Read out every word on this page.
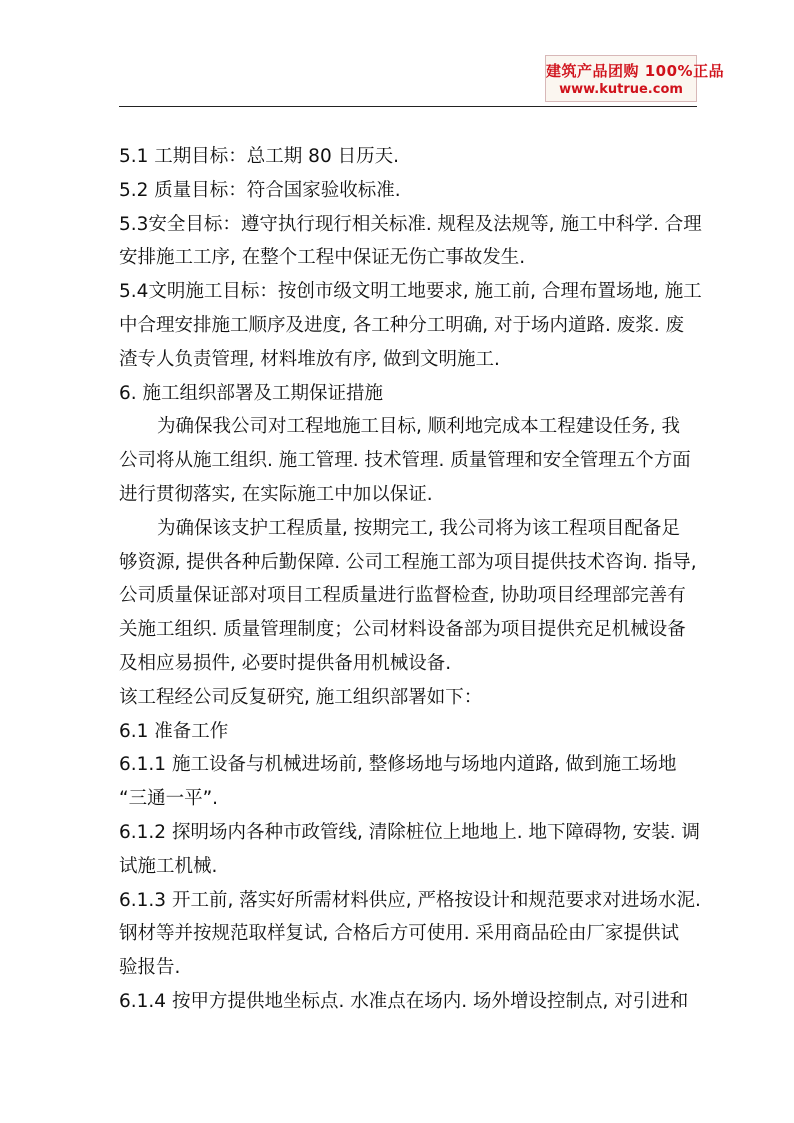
建筑产品团购 100%正品
www.kutrue.com
5.1 工期目标：总工期 80 日历天.
5.2 质量目标：符合国家验收标准.
5.3安全目标：遵守执行现行相关标准. 规程及法规等, 施工中科学. 合理
安排施工工序, 在整个工程中保证无伤亡事故发生.
5.4文明施工目标：按创市级文明工地要求, 施工前, 合理布置场地, 施工
中合理安排施工顺序及进度, 各工种分工明确, 对于场内道路. 废浆. 废
渣专人负责管理, 材料堆放有序, 做到文明施工.
6. 施工组织部署及工期保证措施
为确保我公司对工程地施工目标, 顺利地完成本工程建设任务, 我
公司将从施工组织. 施工管理. 技术管理. 质量管理和安全管理五个方面
进行贯彻落实, 在实际施工中加以保证.
为确保该支护工程质量, 按期完工, 我公司将为该工程项目配备足
够资源, 提供各种后勤保障. 公司工程施工部为项目提供技术咨询. 指导,
公司质量保证部对项目工程质量进行监督检查, 协助项目经理部完善有
关施工组织. 质量管理制度；公司材料设备部为项目提供充足机械设备
及相应易损件, 必要时提供备用机械设备.
该工程经公司反复研究, 施工组织部署如下：
6.1 准备工作
6.1.1 施工设备与机械进场前, 整修场地与场地内道路, 做到施工场地
“三通一平”.
6.1.2 探明场内各种市政管线, 清除桩位上地地上. 地下障碍物, 安装. 调
试施工机械.
6.1.3 开工前, 落实好所需材料供应, 严格按设计和规范要求对进场水泥.
钢材等并按规范取样复试, 合格后方可使用. 采用商品砼由厂家提供试
验报告.
6.1.4 按甲方提供地坐标点. 水准点在场内. 场外增设控制点, 对引进和
